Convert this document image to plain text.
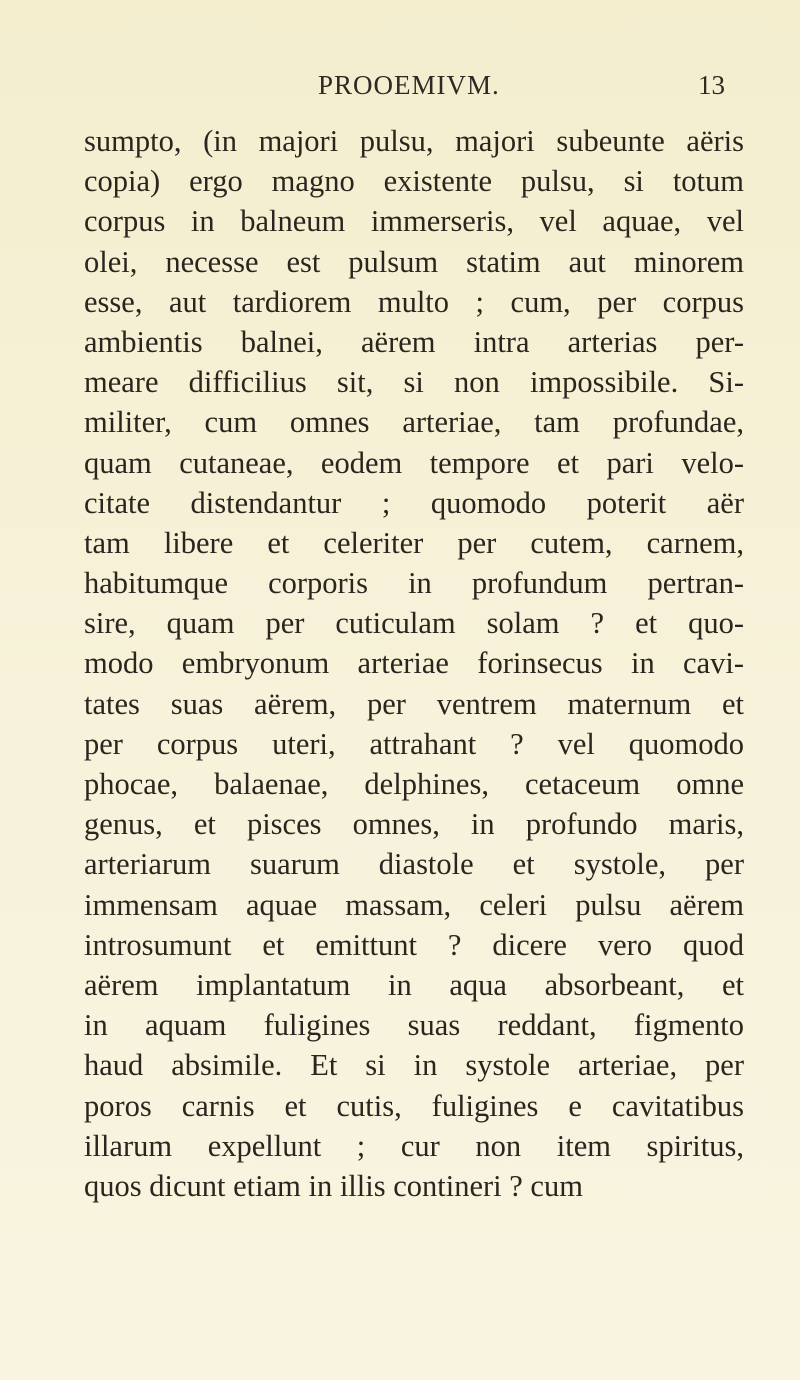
PROOEMIVM.	13
sumpto, (in majori pulsu, majori subeunte aëris
copia) ergo magno existente pulsu, si totum
corpus in balneum immerseris, vel aquae, vel
olei, necesse est pulsum statim aut minorem
esse, aut tardiorem multo ; cum, per corpus
ambientis balnei, aërem intra arterias per-
meare difficilius sit, si non impossibile. Si-
militer, cum omnes arteriae, tam profundae,
quam cutaneae, eodem tempore et pari velo-
citate distendantur ; quomodo poterit aër
tam libere et celeriter per cutem, carnem,
habitumque corporis in profundum pertran-
sire, quam per cuticulam solam ? et quo-
modo embryonum arteriae forinsecus in cavi-
tates suas aërem, per ventrem maternum et
per corpus uteri, attrahant ? vel quomodo
phocae, balaenae, delphines, cetaceum omne
genus, et pisces omnes, in profundo maris,
arteriarum suarum diastole et systole, per
immensam aquae massam, celeri pulsu aërem
introsumunt et emittunt ? dicere vero quod
aërem implantatum in aqua absorbeant, et
in aquam fuligines suas reddant, figmento
haud absimile. Et si in systole arteriae, per
poros carnis et cutis, fuligines e cavitatibus
illarum expellunt ; cur non item spiritus,
quos dicunt etiam in illis contineri ? cum
